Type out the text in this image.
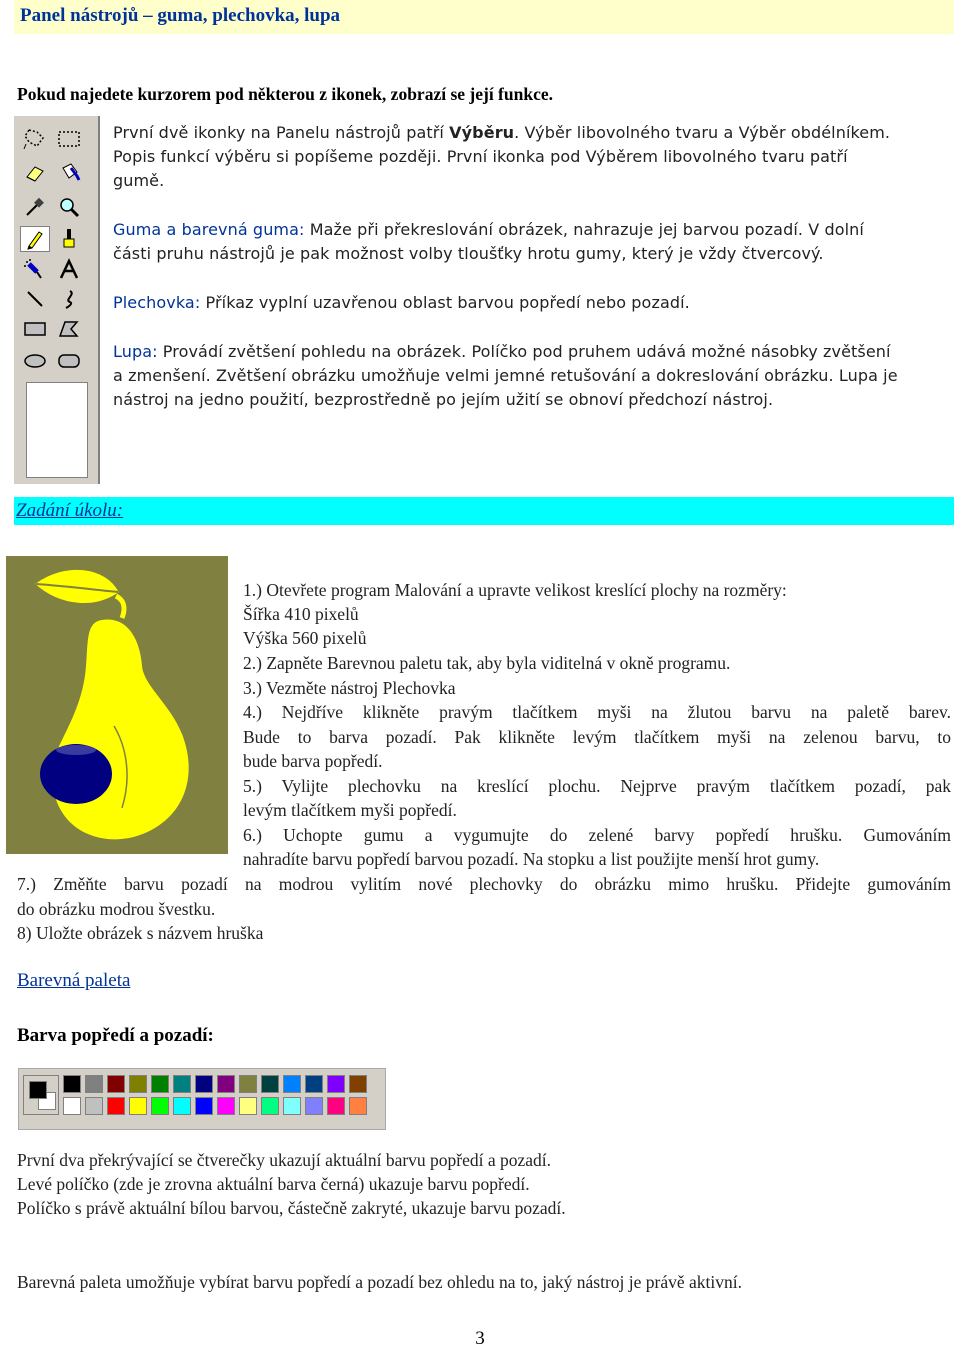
Panel nástrojů – guma, plechovka, lupa
Pokud najedete kurzorem pod některou z ikonek, zobrazí se její funkce.
První dvě ikonky na Panelu nástrojů patří Výběru. Výběr libovolného tvaru a Výběr obdélníkem.
Popis funkcí výběru si popíšeme později. První ikonka pod Výběrem libovolného tvaru patří
gumě.
Guma a barevná guma: Maže při překreslování obrázek, nahrazuje jej barvou pozadí. V dolní
části pruhu nástrojů je pak možnost volby tloušťky hrotu gumy, který je vždy čtvercový.
Plechovka: Příkaz vyplní uzavřenou oblast barvou popředí nebo pozadí.
Lupa: Provádí zvětšení pohledu na obrázek. Políčko pod pruhem udává možné násobky zvětšení
a zmenšení. Zvětšení obrázku umožňuje velmi jemné retušování a dokreslování obrázku. Lupa je
nástroj na jedno použití, bezprostředně po jejím užití se obnoví předchozí nástroj.
Zadání úkolu:
1.) Otevřete program Malování a upravte velikost kreslící plochy na rozměry:
Šířka 410 pixelů
Výška 560 pixelů
2.) Zapněte Barevnou paletu tak, aby byla viditelná v okně programu.
3.) Vezměte nástroj Plechovka
4.) Nejdříve klikněte pravým tlačítkem myši na žlutou barvu na paletě barev.
Bude to barva pozadí. Pak klikněte levým tlačítkem myši na zelenou barvu, to
bude barva popředí.
5.) Vylijte plechovku na kreslící plochu. Nejprve pravým tlačítkem pozadí, pak
levým tlačítkem myši popředí.
6.) Uchopte gumu a vygumujte do zelené barvy popředí hrušku. Gumováním
nahradíte barvu popředí barvou pozadí. Na stopku a list použijte menší hrot gumy.
7.) Změňte barvu pozadí na modrou vylitím nové plechovky do obrázku mimo hrušku. Přidejte gumováním
do obrázku modrou švestku.
8) Uložte obrázek s názvem hruška
Barevná paleta
Barva popředí a pozadí:
První dva překrývající se čtverečky ukazují aktuální barvu popředí a pozadí.
Levé políčko (zde je zrovna aktuální barva černá) ukazuje barvu popředí.
Políčko s právě aktuální bílou barvou, částečně zakryté, ukazuje barvu pozadí.
Barevná paleta umožňuje vybírat barvu popředí a pozadí bez ohledu na to, jaký nástroj je právě aktivní.
3
